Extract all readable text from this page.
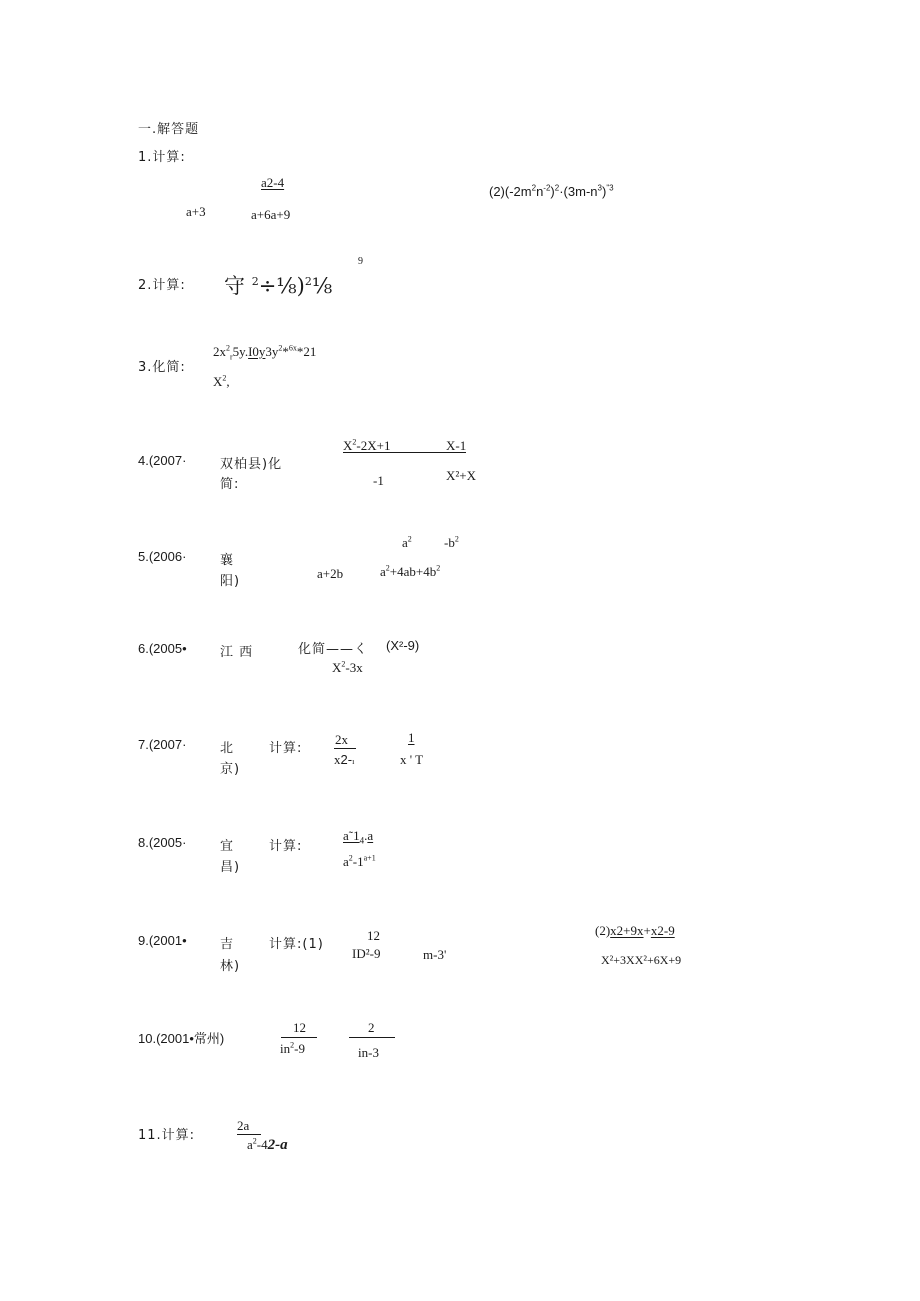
一.解答题
1.计算:
a2-4
a+3	a+6a+9
$(2)(-2m^2n^{-2})^2\cdot(3m-n^3)^{"3}$
2.计算: 守 $^2$÷⅛)$^2$⅛
9
3.化简:
$2x^2_r5y.I0y3y^2*^{6x}*21$
$X^2$,
4.(2007·	双柏县)化
简:
$X^2-2X+1$	X-1
-1	X²+X
5.(2006·	襄
阳)
$a^2$ $-b^2$
a+2b	$a^2+4ab+4b^2$
6.(2005•	江 西	化简——く (X²-9)
$X^2-3x$
7.(2007·	北
京)
计算:
2x
x2-ı
1
x ' T
8.(2005·	宜
昌)
计算:
$a˜1_4.a$
$a^2-1^{a+1}$
9.(2001•	吉
林)
计算:(1)
12
ID²-9	m-3'
(2)x2+9x+x2-9
X²+3XX²+6X+9
10.(2001•常州)
12
$in^2-9$
2
in-3
11.计算:
2a
$a^2-42-a$
